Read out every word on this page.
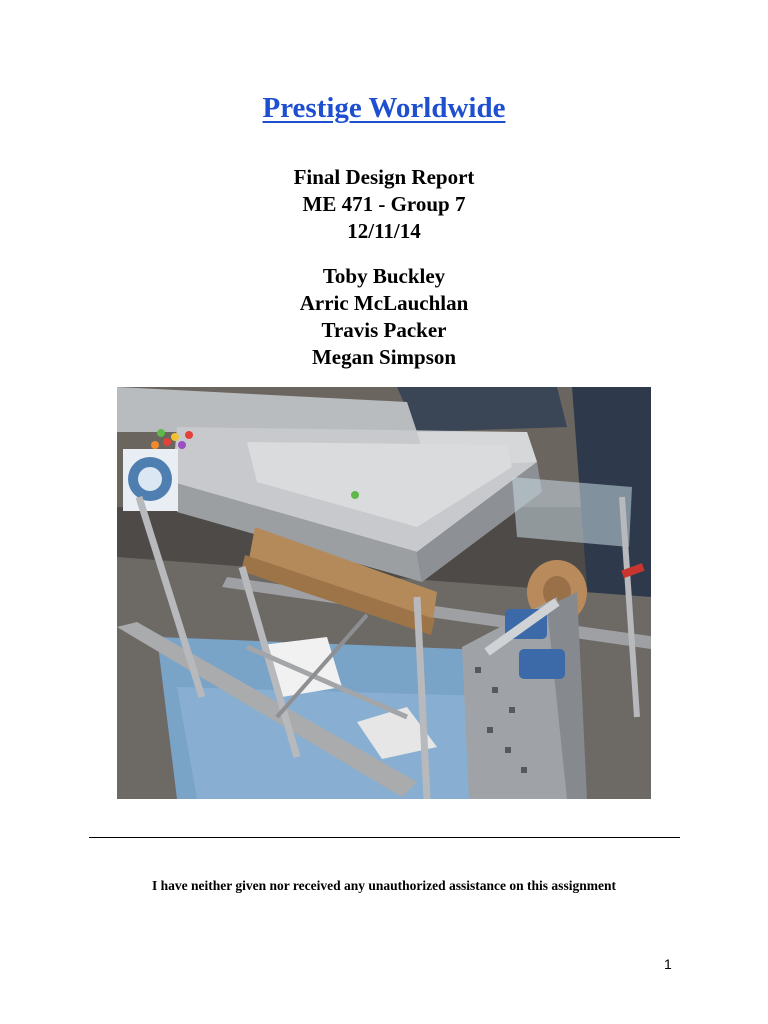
Prestige Worldwide
Final Design Report
ME 471 - Group 7
12/11/14
Toby Buckley
Arric McLauchlan
Travis Packer
Megan Simpson
I have neither given nor received any unauthorized assistance on this assignment
1
